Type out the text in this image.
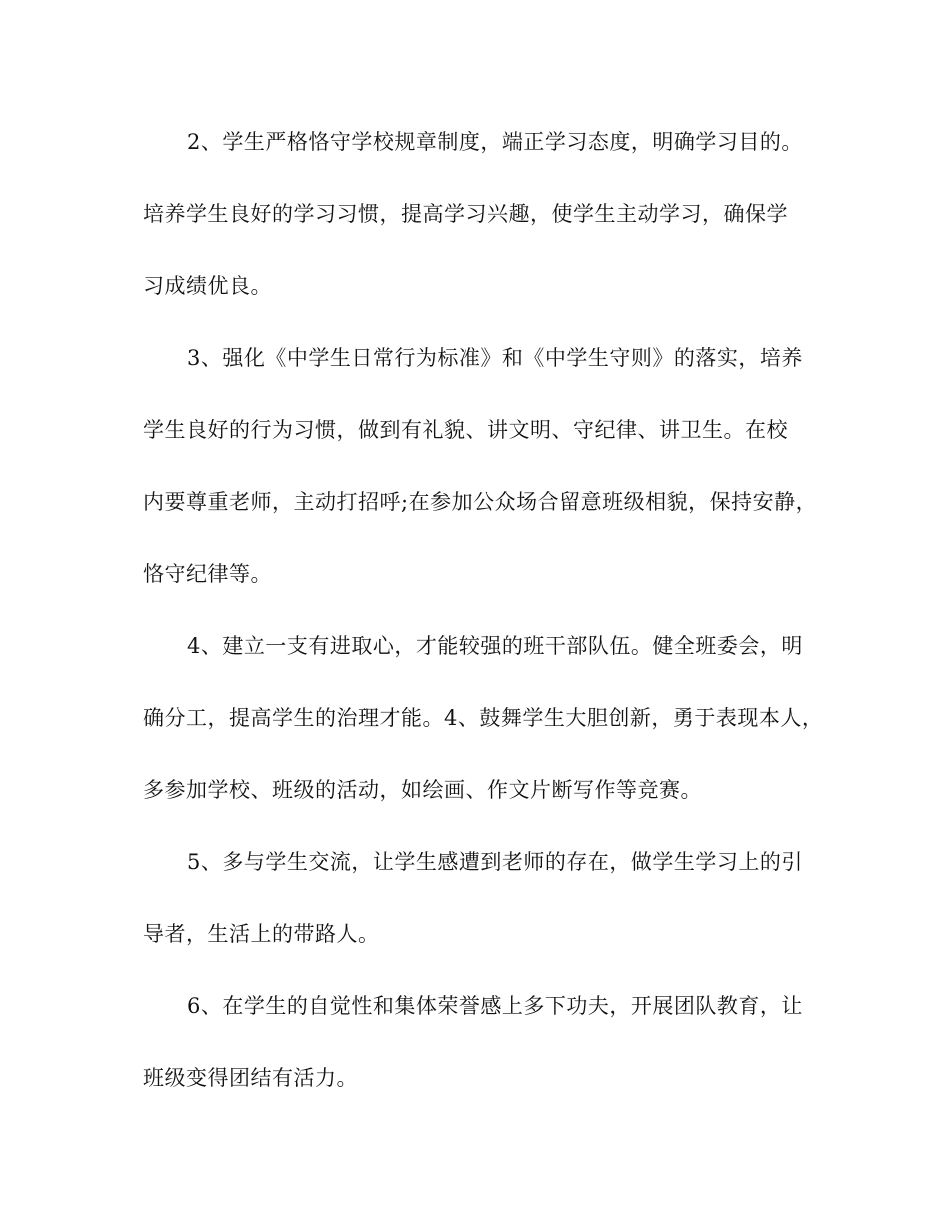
2、学生严格恪守学校规章制度，端正学习态度，明确学习目的。
培养学生良好的学习习惯，提高学习兴趣，使学生主动学习，确保学
习成绩优良。
3、强化《中学生日常行为标准》和《中学生守则》的落实，培养
学生良好的行为习惯，做到有礼貌、讲文明、守纪律、讲卫生。在校
内要尊重老师，主动打招呼;在参加公众场合留意班级相貌，保持安静，
恪守纪律等。
4、建立一支有进取心，才能较强的班干部队伍。健全班委会，明
确分工，提高学生的治理才能。4、鼓舞学生大胆创新，勇于表现本人，
多参加学校、班级的活动，如绘画、作文片断写作等竞赛。
5、多与学生交流，让学生感遭到老师的存在，做学生学习上的引
导者，生活上的带路人。
6、在学生的自觉性和集体荣誉感上多下功夫，开展团队教育，让
班级变得团结有活力。
